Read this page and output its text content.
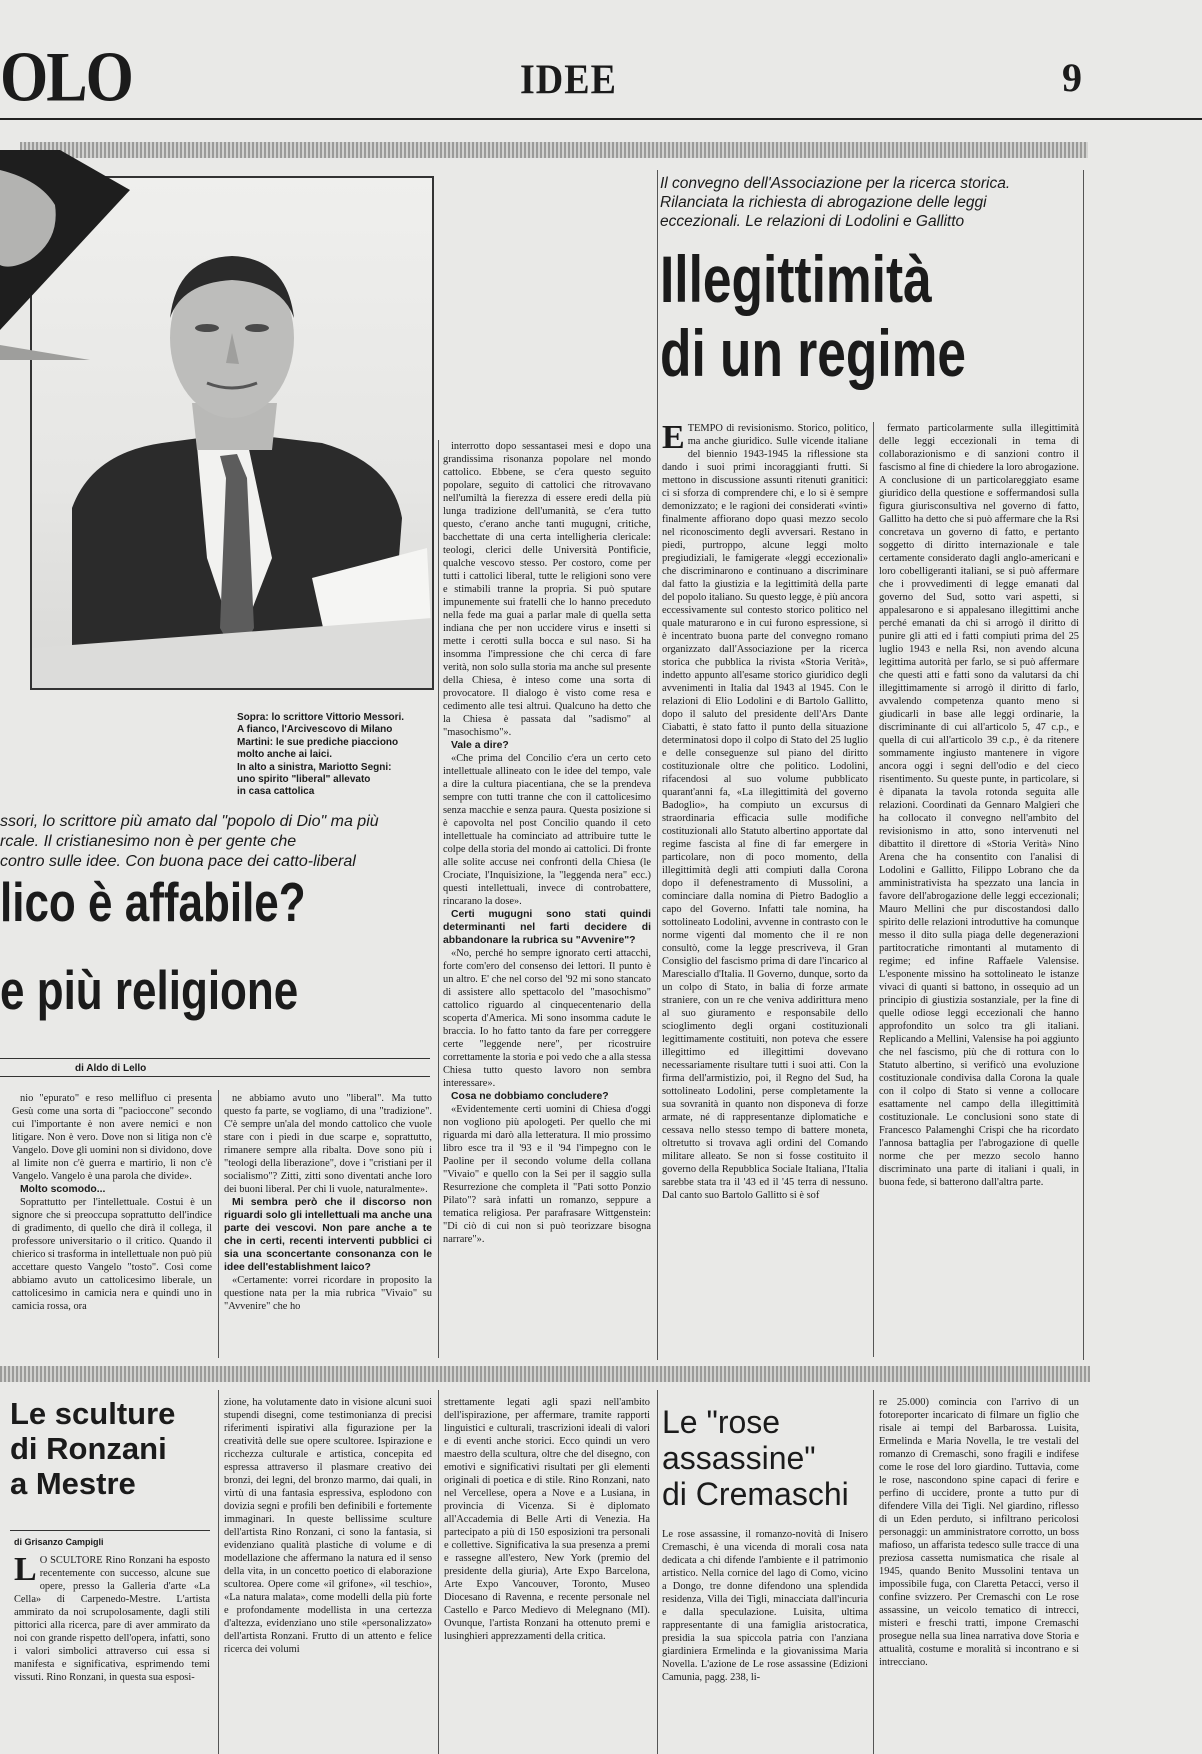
OLO	IDEE	9
Sopra: lo scrittore Vittorio Messori.
A fianco, l'Arcivescovo di Milano
Martini: le sue prediche piacciono
molto anche ai laici.
In alto a sinistra, Mariotto Segni:
uno spirito "liberal" allevato
in casa cattolica
ssori, lo scrittore più amato dal "popolo di Dio" ma più
rcale. Il cristianesimo non è per gente che
contro sulle idee. Con buona pace dei catto-liberal
lico è affabile?
e più religione
di Aldo di Lello

nio "epurato" e reso mellifluo ci presenta Gesù come una sorta di "pacioccone" secondo cui l'importante è non avere nemici e non litigare. Non è vero. Dove non si litiga non c'è Vangelo. Dove gli uomini non si dividono, dove al limite non c'è guerra e martirio, lì non c'è Vangelo. Vangelo è una parola che divide».

Molto scomodo...

Soprattutto per l'intellettuale. Costui è un signore che si preoccupa soprattutto dell'indice di gradimento, di quello che dirà il collega, il professore universitario o il critico. Quando il chierico si trasforma in intellettuale non può più accettare questo Vangelo "tosto". Così come abbiamo avuto un cattolicesimo liberale, un cattolicesimo in camicia nera e quindi uno in camicia rossa, ora

ne abbiamo avuto uno "liberal". Ma tutto questo fa parte, se vogliamo, di una "tradizione". C'è sempre un'ala del mondo cattolico che vuole stare con i piedi in due scarpe e, soprattutto, rimanere sempre alla ribalta. Dove sono più i "teologi della liberazione", dove i "cristiani per il socialismo"? Zitti, zitti sono diventati anche loro dei buoni liberal. Per chi li vuole, naturalmente».

Mi sembra però che il discorso non riguardi solo gli intellettuali ma anche una parte dei vescovi. Non pare anche a te che in certi, recenti interventi pubblici ci sia una sconcertante consonanza con le idee dell'establishment laico?

«Certamente: vorrei ricordare in proposito la questione nata per la mia rubrica "Vivaio" su "Avvenire" che ho

interrotto dopo sessantasei mesi e dopo una grandissima risonanza popolare nel mondo cattolico. Ebbene, se c'era questo seguito popolare, seguito di cattolici che ritrovavano nell'umiltà la fierezza di essere eredi della più lunga tradizione dell'umanità, se c'era tutto questo, c'erano anche tanti mugugni, critiche, bacchettate di una certa intelligheria clericale: teologi, clerici delle Università Pontificie, qualche vescovo stesso. Per costoro, come per tutti i cattolici liberal, tutte le religioni sono vere e stimabili tranne la propria. Si può sputare impunemente sui fratelli che lo hanno preceduto nella fede ma guai a parlar male di quella setta indiana che per non uccidere virus e insetti si mette i cerotti sulla bocca e sul naso. Si ha insomma l'impressione che chi cerca di fare verità, non solo sulla storia ma anche sul presente della Chiesa, è inteso come una sorta di provocatore. Il dialogo è visto come resa e cedimento alle tesi altrui. Qualcuno ha detto che la Chiesa è passata dal "sadismo" al "masochismo"».

Vale a dire?

«Che prima del Concilio c'era un certo ceto intellettuale allineato con le idee del tempo, vale a dire la cultura piacentiana, che se la prendeva sempre con tutti tranne che con il cattolicesimo senza macchie e senza paura. Questa posizione si è capovolta nel post Concilio quando il ceto intellettuale ha cominciato ad attribuire tutte le colpe della storia del mondo ai cattolici. Di fronte alle solite accuse nei confronti della Chiesa (le Crociate, l'Inquisizione, la "leggenda nera" ecc.) questi intellettuali, invece di controbattere, rincarano la dose».

Certi mugugni sono stati quindi determinanti nel farti decidere di abbandonare la rubrica su "Avvenire"?

«No, perché ho sempre ignorato certi attacchi, forte com'ero del consenso dei lettori. Il punto è un altro. E' che nel corso del '92 mi sono stancato di assistere allo spettacolo del "masochismo" cattolico riguardo al cinquecentenario della scoperta d'America. Mi sono insomma cadute le braccia. Io ho fatto tanto da fare per correggere certe "leggende nere", per ricostruire correttamente la storia e poi vedo che a alla stessa Chiesa tutto questo lavoro non sembra interessare».

Cosa ne dobbiamo concludere?

«Evidentemente certi uomini di Chiesa d'oggi non vogliono più apologeti. Per quello che mi riguarda mi darò alla letteratura. Il mio prossimo libro esce tra il '93 e il '94 l'impegno con le Paoline per il secondo volume della collana "Vivaio" e quello con la Sei per il saggio sulla Resurrezione che completa il "Pati sotto Ponzio Pilato"? sarà infatti un romanzo, seppure a tematica religiosa. Per parafrasare Wittgenstein: "Di ciò di cui non si può teorizzare bisogna narrare"».

Il convegno dell'Associazione per la ricerca storica.
Rilanciata la richiesta di abrogazione delle leggi
eccezionali. Le relazioni di Lodolini e Gallitto
Illegittimità
di un regime

ETEMPO di revisionismo. Storico, politico, ma anche giuridico. Sulle vicende italiane del biennio 1943-1945 la riflessione sta dando i suoi primi incoraggianti frutti. Si mettono in discussione assunti ritenuti granitici: ci si sforza di comprendere chi, e lo si è sempre demonizzato; e le ragioni dei considerati «vinti» finalmente affiorano dopo quasi mezzo secolo nel riconoscimento degli avversari. Restano in piedi, purtroppo, alcune leggi molto pregiudiziali, le famigerate «leggi eccezionali» che discriminarono e continuano a discriminare dal fatto la giustizia e la legittimità della parte del popolo italiano. Su questo legge, è più ancora eccessivamente sul contesto storico politico nel quale maturarono e in cui furono espressione, si è incentrato buona parte del convegno romano organizzato dall'Associazione per la ricerca storica che pubblica la rivista «Storia Verità», indetto appunto all'esame storico giuridico degli avvenimenti in Italia dal 1943 al 1945. Con le relazioni di Elio Lodolini e di Bartolo Gallitto, dopo il saluto del presidente dell'Ars Dante Ciabatti, è stato fatto il punto della situazione determinatosi dopo il colpo di Stato del 25 luglio e delle conseguenze sul piano del diritto costituzionale oltre che politico. Lodolini, rifacendosi al suo volume pubblicato quarant'anni fa, «La illegittimità del governo Badoglio», ha compiuto un excursus di straordinaria efficacia sulle modifiche costituzionali allo Statuto albertino apportate dal regime fascista al fine di far emergere in particolare, non di poco momento, della illegittimità degli atti compiuti dalla Corona dopo il defenestramento di Mussolini, a cominciare dalla nomina di Pietro Badoglio a capo del Governo. Infatti tale nomina, ha sottolineato Lodolini, avvenne in contrasto con le norme vigenti dal momento che il re non consultò, come la legge prescriveva, il Gran Consiglio del fascismo prima di dare l'incarico al Maresciallo d'Italia. Il Governo, dunque, sorto da un colpo di Stato, in balia di forze armate straniere, con un re che veniva addirittura meno al suo giuramento e responsabile dello scioglimento degli organi costituzionali legittimamente costituiti, non poteva che essere illegittimo ed illegittimi dovevano necessariamente risultare tutti i suoi atti. Con la firma dell'armistizio, poi, il Regno del Sud, ha sottolineato Lodolini, perse completamente la sua sovranità in quanto non disponeva di forze armate, né di rappresentanze diplomatiche e cessava nello stesso tempo di battere moneta, oltretutto si trovava agli ordini del Comando militare alleato. Se non si fosse costituito il governo della Repubblica Sociale Italiana, l'Italia sarebbe stata tra il '43 ed il '45 terra di nessuno. Dal canto suo Bartolo Gallitto si è sof

fermato particolarmente sulla illegittimità delle leggi eccezionali in tema di collaborazionismo e di sanzioni contro il fascismo al fine di chiedere la loro abrogazione. A conclusione di un particolareggiato esame giuridico della questione e soffermandosi sulla figura giurisconsultiva nel governo di fatto, Gallitto ha detto che si può affermare che la Rsi concretava un governo di fatto, e pertanto soggetto di diritto internazionale e tale certamente considerato dagli anglo-americani e loro cobelligeranti italiani, se si può affermare che i provvedimenti di legge emanati dal governo del Sud, sotto vari aspetti, si appalesarono e si appalesano illegittimi anche perché emanati da chi si arrogò il diritto di punire gli atti ed i fatti compiuti prima del 25 luglio 1943 e nella Rsi, non avendo alcuna legittima autorità per farlo, se si può affermare che questi atti e fatti sono da valutarsi da chi illegittimamente si arrogò il diritto di farlo, avvalendo competenza quanto meno si giudicarli in base alle leggi ordinarie, la discriminante di cui all'articolo 5, 47 c.p., e quella di cui all'articolo 39 c.p., è da ritenere sommamente ingiusto mantenere in vigore ancora oggi i segni dell'odio e del cieco risentimento. Su queste punte, in particolare, si è dipanata la tavola rotonda seguita alle relazioni. Coordinati da Gennaro Malgieri che ha collocato il convegno nell'ambito del revisionismo in atto, sono intervenuti nel dibattito il direttore di «Storia Verità» Nino Arena che ha consentito con l'analisi di Lodolini e Gallitto, Filippo Lobrano che da amministrativista ha spezzato una lancia in favore dell'abrogazione delle leggi eccezionali; Mauro Mellini che pur discostandosi dallo spirito delle relazioni introduttive ha comunque messo il dito sulla piaga delle degenerazioni partitocratiche rimontanti al mutamento di regime; ed infine Raffaele Valensise. L'esponente missino ha sottolineato le istanze vivaci di quanti si battono, in ossequio ad un principio di giustizia sostanziale, per la fine di quelle odiose leggi eccezionali che hanno approfondito un solco tra gli italiani. Replicando a Mellini, Valensise ha poi aggiunto che nel fascismo, più che di rottura con lo Statuto albertino, si verificò una evoluzione costituzionale condivisa dalla Corona la quale con il colpo di Stato si venne a collocare esattamente nel campo della illegittimità costituzionale. Le conclusioni sono state di Francesco Palamenghi Crispi che ha ricordato l'annosa battaglia per l'abrogazione di quelle norme che per mezzo secolo hanno discriminato una parte di italiani i quali, in buona fede, si batterono dall'altra parte.

Le sculture
di Ronzani
a Mestre
di Grisanzo Campigli

L O SCULTORE Rino Ronzani ha esposto recentemente con successo, alcune sue opere, presso la Galleria d'arte «La Cella» di Carpenedo-Mestre. L'artista ammirato da noi scrupolosamente, dagli stili pittorici alla ricerca, pare di aver ammirato da noi con grande rispetto dell'opera, infatti, sono i valori simbolici attraverso cui essa si manifesta e significativa, esprimendo temi vissuti. Rino Ronzani, in questa sua esposi-

zione, ha volutamente dato in visione alcuni suoi stupendi disegni, come testimonianza di precisi riferimenti ispirativi alla figurazione per la creatività delle sue opere scultoree. Ispirazione e ricchezza culturale e artistica, concepita ed espressa attraverso il plasmare creativo dei bronzi, dei legni, del bronzo marmo, dai quali, in virtù di una fantasia espressiva, esplodono con dovizia segni e profili ben definibili e fortemente immaginari. In queste bellissime sculture dell'artista Rino Ronzani, ci sono la fantasia, si evidenziano qualità plastiche di volume e di modellazione che affermano la natura ed il senso della vita, in un concetto poetico di elaborazione scultorea. Opere come «il grifone», «il teschio», «La natura malata», come modelli della più forte e profondamente modellista in una certezza d'altezza, evidenziano uno stile «personalizzato» dell'artista Ronzani. Frutto di un attento e felice ricerca dei volumi

strettamente legati agli spazi nell'ambito dell'ispirazione, per affermare, tramite rapporti linguistici e culturali, trascrizioni ideali di valori e di eventi anche storici. Ecco quindi un vero maestro della scultura, oltre che del disegno, con emotivi e significativi risultati per gli elementi originali di poetica e di stile. Rino Ronzani, nato nel Vercellese, opera a Nove e a Lusiana, in provincia di Vicenza. Si è diplomato all'Accademia di Belle Arti di Venezia. Ha partecipato a più di 150 esposizioni tra personali e collettive. Significativa la sua presenza a premi e rassegne all'estero, New York (premio del presidente della giuria), Arte Expo Barcelona, Arte Expo Vancouver, Toronto, Museo Diocesano di Ravenna, e recente personale nel Castello e Parco Medievo di Melegnano (MI). Ovunque, l'artista Ronzani ha ottenuto premi e lusinghieri apprezzamenti della critica.

Le "rose
assassine"
di Cremaschi

Le rose assassine, il romanzo-novità di Inisero Cremaschi, è una vicenda di morali cosa nata dedicata a chi difende l'ambiente e il patrimonio artistico. Nella cornice del lago di Como, vicino a Dongo, tre donne difendono una splendida residenza, Villa dei Tigli, minacciata dall'incuria e dalla speculazione. Luisita, ultima rappresentante di una famiglia aristocratica, presidia la sua spiccola patria con l'anziana giardiniera Ermelinda e la giovanissima Maria Novella. L'azione de Le rose assassine (Edizioni Camunia, pagg. 238, li-

re 25.000) comincia con l'arrivo di un fotoreporter incaricato di filmare un figlio che risale ai tempi del Barbarossa. Luisita, Ermelinda e Maria Novella, le tre vestali del romanzo di Cremaschi, sono fragili e indifese come le rose del loro giardino. Tuttavia, come le rose, nascondono spine capaci di ferire e perfino di uccidere, pronte a tutto pur di difendere Villa dei Tigli. Nel giardino, riflesso di un Eden perduto, si infiltrano pericolosi personaggi: un amministratore corrotto, un boss mafioso, un affarista tedesco sulle tracce di una preziosa cassetta numismatica che risale al 1945, quando Benito Mussolini tentava un impossibile fuga, con Claretta Petacci, verso il confine svizzero. Per Cremaschi con Le rose assassine, un veicolo tematico di intrecci, misteri e freschi tratti, impone Cremaschi prosegue nella sua linea narrativa dove Storia e attualità, costume e moralità si incontrano e si intrecciano.
